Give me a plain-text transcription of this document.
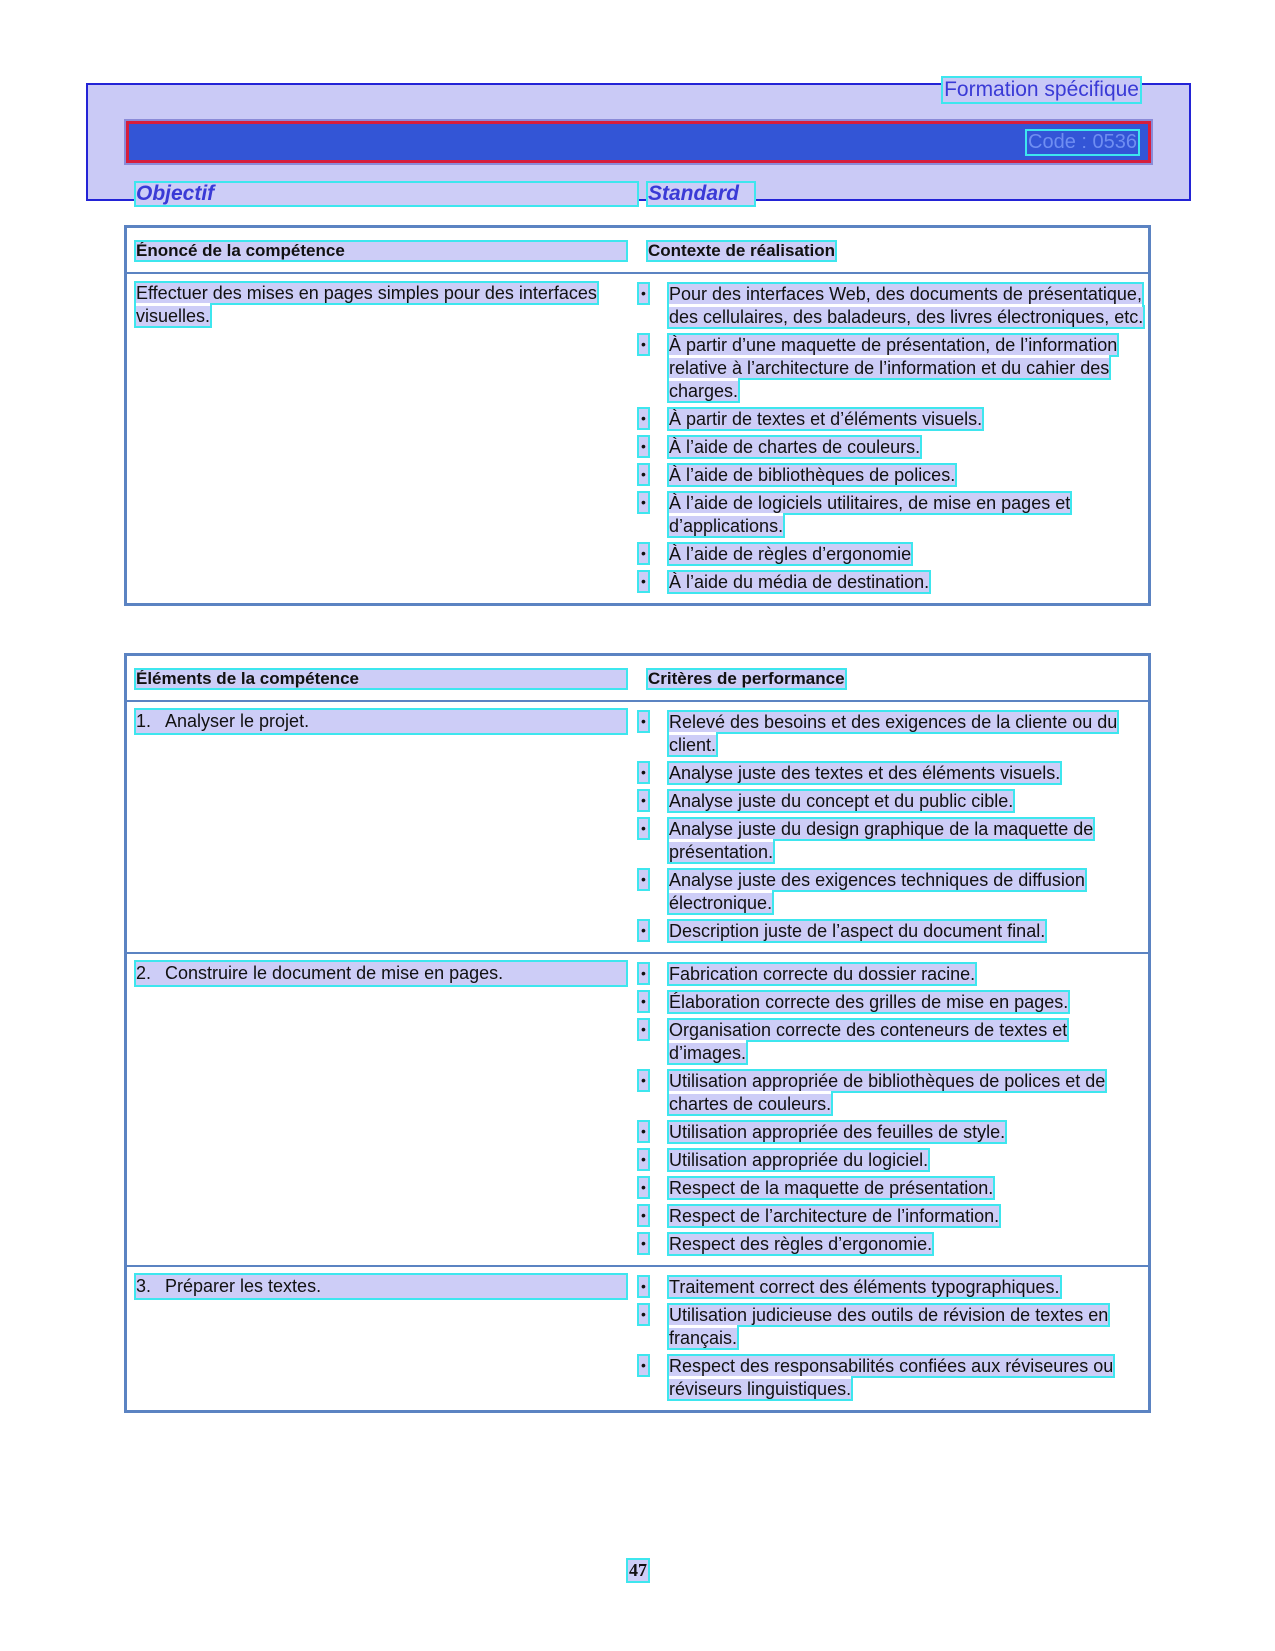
Formation spécifique
Code : 0536
Objectif	Standard
Énoncé de la compétence	Contexte de réalisation
Effectuer des mises en pages simples pour des interfaces visuelles.
• Pour des interfaces Web, des documents de présentatique, des cellulaires, des baladeurs, des livres électroniques, etc.
• À partir d’une maquette de présentation, de l’information relative à l’architecture de l’information et du cahier des charges.
• À partir de textes et d’éléments visuels.
• À l’aide de chartes de couleurs.
• À l’aide de bibliothèques de polices.
• À l’aide de logiciels utilitaires, de mise en pages et d’applications.
• À l’aide de règles d’ergonomie
• À l’aide du média de destination.
Éléments de la compétence	Critères de performance
1. Analyser le projet.	• Relevé des besoins et des exigences de la cliente ou du client.
• Analyse juste des textes et des éléments visuels.
• Analyse juste du concept et du public cible.
• Analyse juste du design graphique de la maquette de présentation.
• Analyse juste des exigences techniques de diffusion électronique.
• Description juste de l’aspect du document final.
2. Construire le document de mise en pages.	• Fabrication correcte du dossier racine.
• Élaboration correcte des grilles de mise en pages.
• Organisation correcte des conteneurs de textes et d’images.
• Utilisation appropriée de bibliothèques de polices et de chartes de couleurs.
• Utilisation appropriée des feuilles de style.
• Utilisation appropriée du logiciel.
• Respect de la maquette de présentation.
• Respect de l’architecture de l’information.
• Respect des règles d’ergonomie.
3. Préparer les textes.	• Traitement correct des éléments typographiques.
• Utilisation judicieuse des outils de révision de textes en français.
• Respect des responsabilités confiées aux réviseures ou réviseurs linguistiques.
47
